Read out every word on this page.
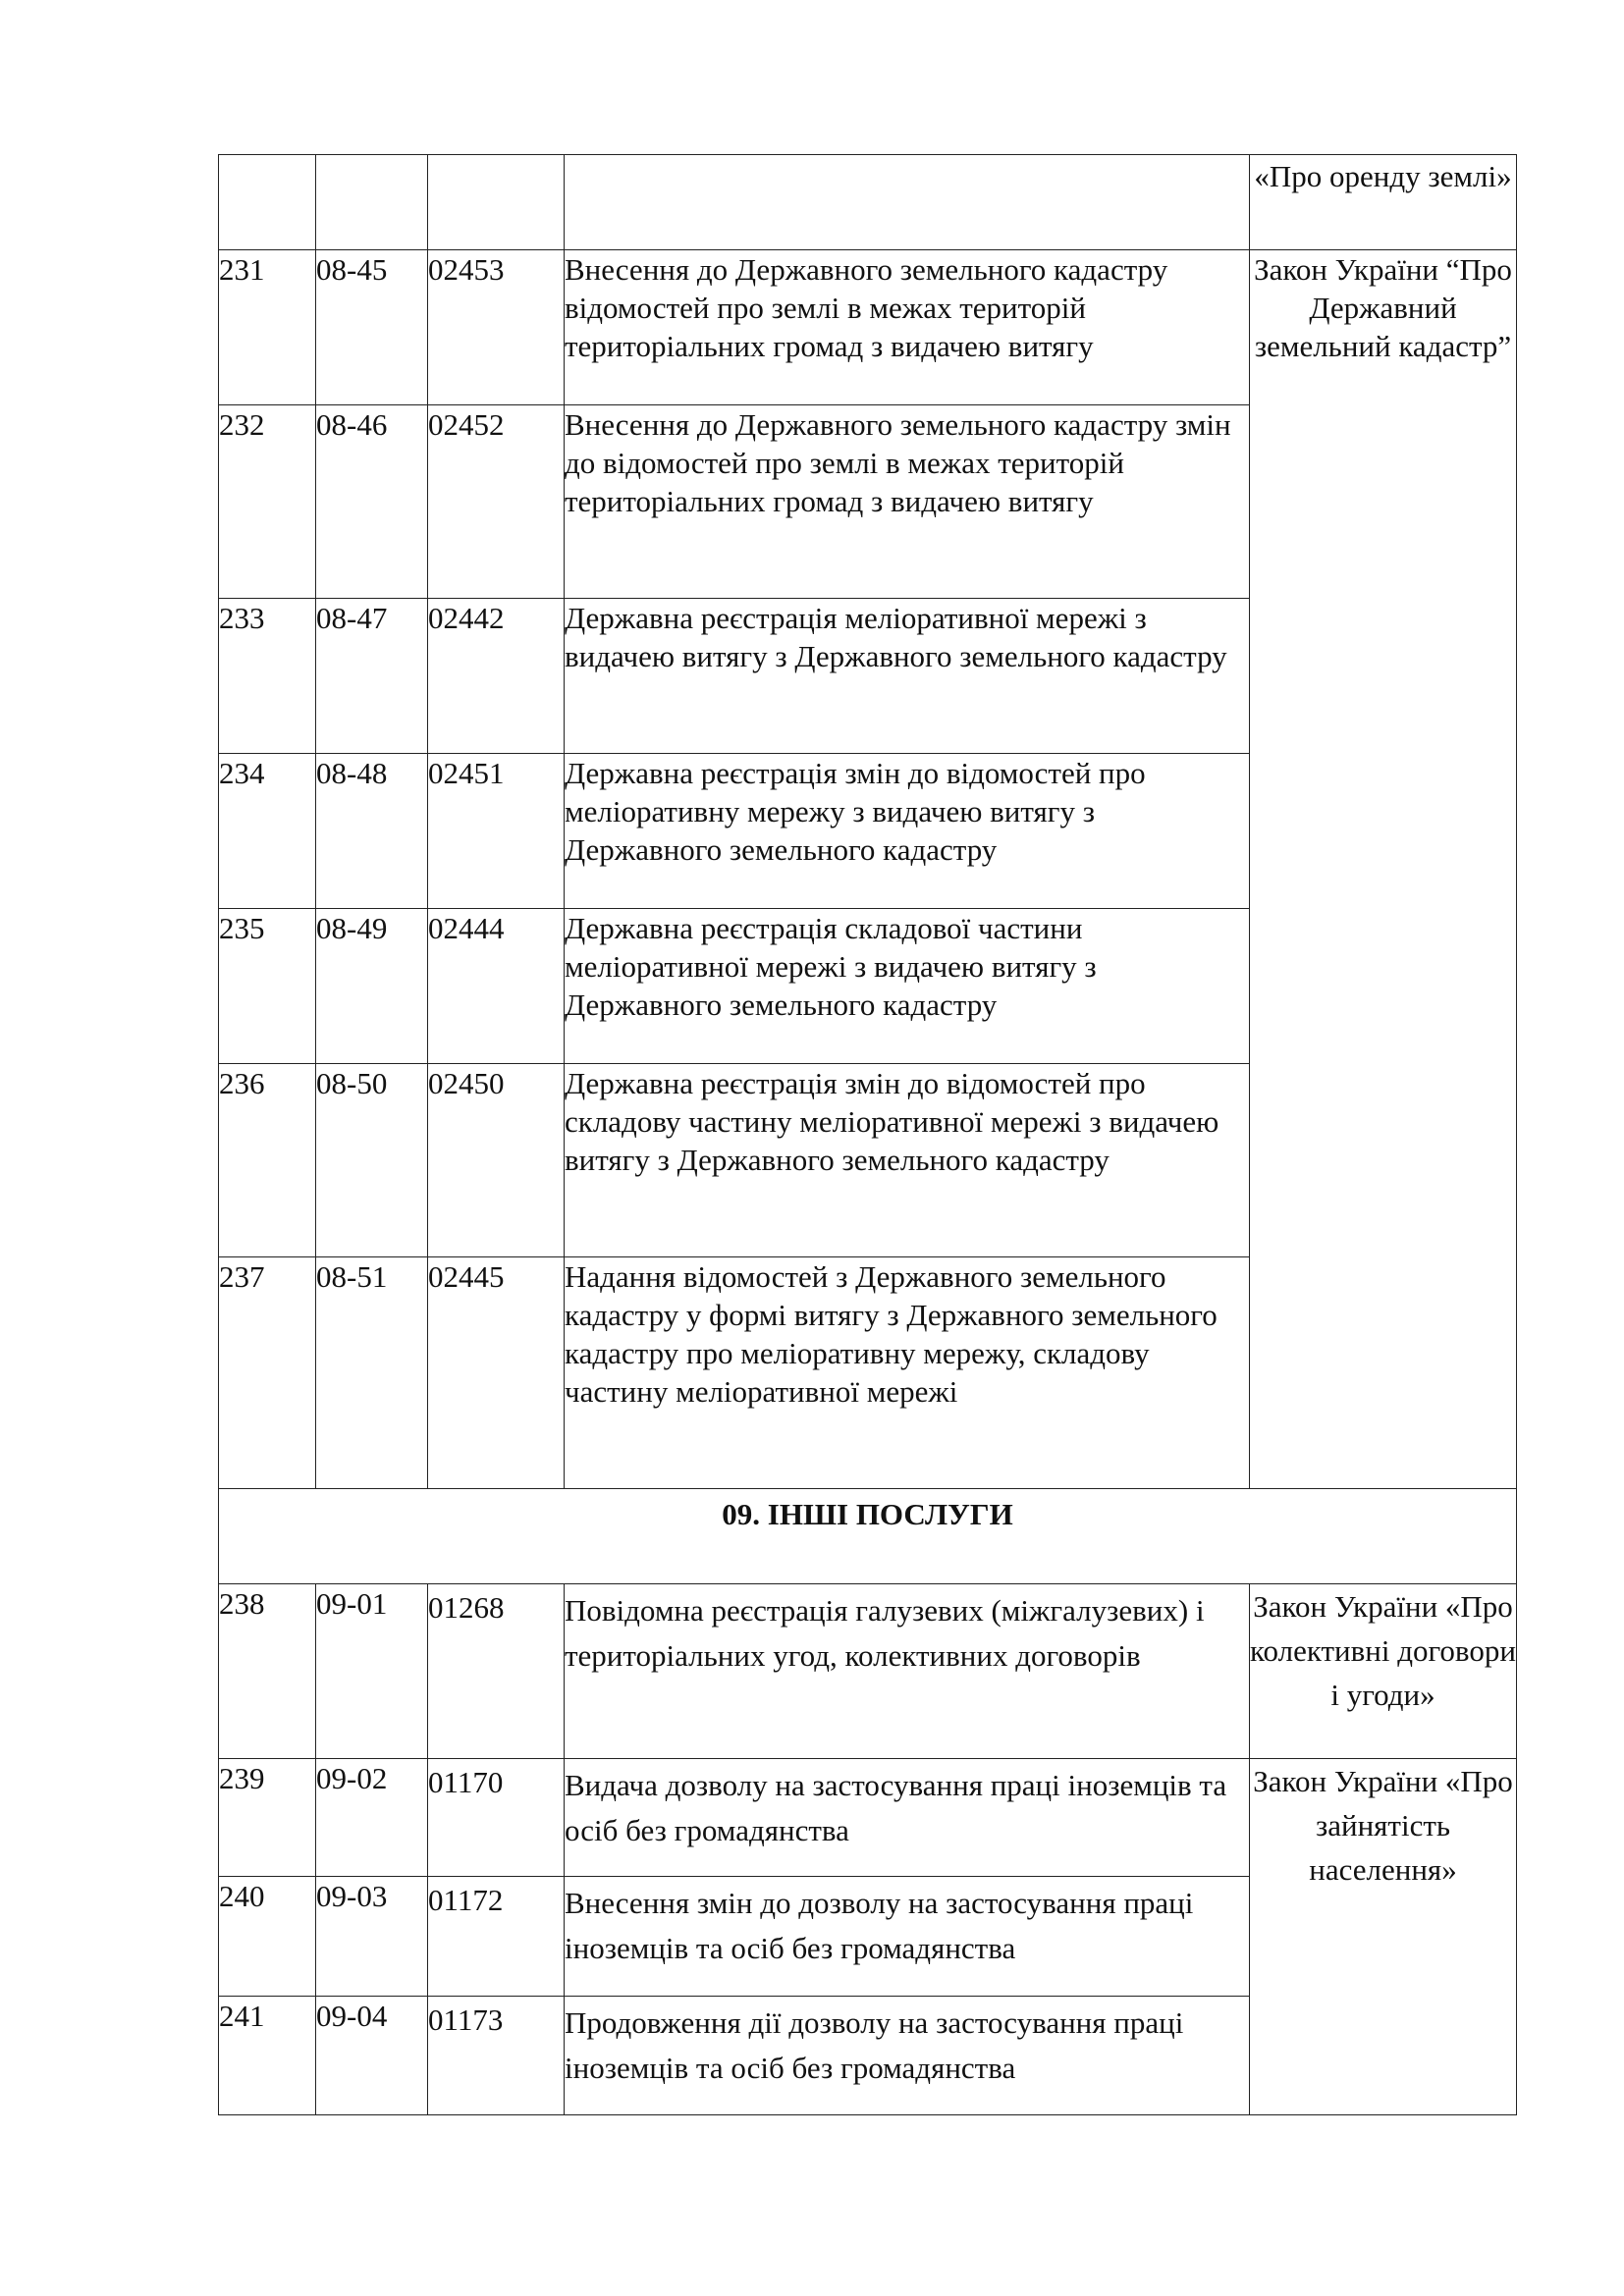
				«Про оренду землі»
231	08-45	02453	Внесення до Державного земельного кадастру відомостей про землі в межах територій територіальних громад з видачею витягу	Закон України “Про Державний земельний кадастр”
232	08-46	02452	Внесення до Державного земельного кадастру змін до відомостей про землі в межах територій територіальних громад з видачею витягу	
233	08-47	02442	Державна реєстрація меліоративної мережі з видачею витягу з Державного земельного кадастру	
234	08-48	02451	Державна реєстрація змін до відомостей про меліоративну мережу з видачею витягу з Державного земельного кадастру	
235	08-49	02444	Державна реєстрація складової частини меліоративної мережі з видачею витягу з Державного земельного кадастру	
236	08-50	02450	Державна реєстрація змін до відомостей про складову частину меліоративної мережі з видачею витягу з Державного земельного кадастру	
237	08-51	02445	Надання відомостей з Державного земельного кадастру у формі витягу з Державного земельного кадастру про меліоративну мережу, складову частину меліоративної мережі	
09. ІНШІ ПОСЛУГИ				
238	09-01	01268	Повідомна реєстрація галузевих (міжгалузевих) і територіальних угод, колективних договорів	Закон України «Про колективні договори і угоди»
239	09-02	01170	Видача дозволу на застосування праці іноземців та осіб без громадянства	Закон України «Про зайнятість населення»
240	09-03	01172	Внесення змін до дозволу на застосування праці іноземців та осіб без громадянства	
241	09-04	01173	Продовження дії дозволу на застосування праці іноземців та осіб без громадянства	
